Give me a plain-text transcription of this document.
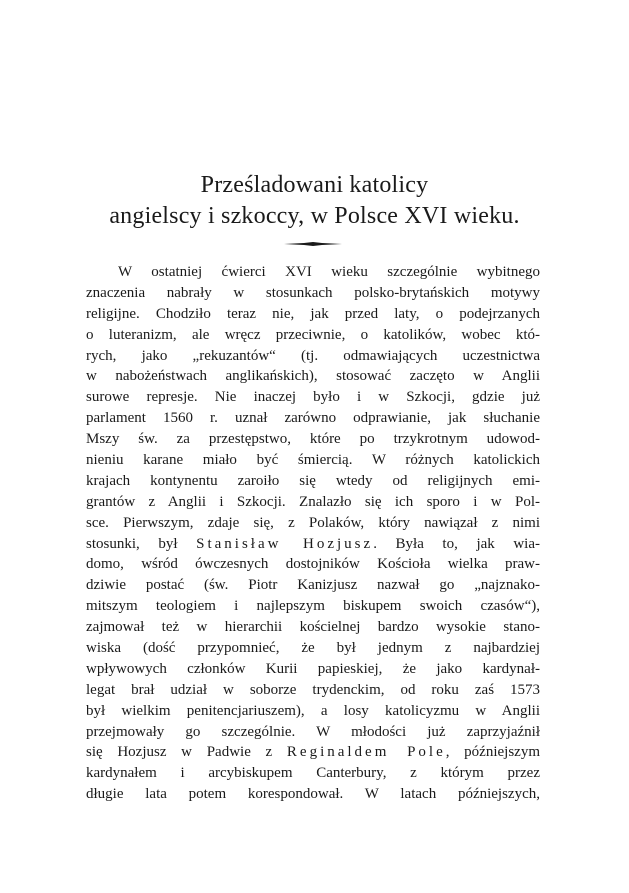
Prześladowani katolicy
angielscy i szkoccy, w Polsce XVI wieku.
W ostatniej ćwierci XVI wieku szczególnie wybitnego
znaczenia nabrały w stosunkach polsko-brytańskich motywy
religijne. Chodziło teraz nie, jak przed laty, o podejrzanych
o luteranizm, ale wręcz przeciwnie, o katolików, wobec któ-
rych, jako „rekuzantów“ (tj. odmawiających uczestnictwa
w nabożeństwach anglikańskich), stosować zaczęto w Anglii
surowe represje. Nie inaczej było i w Szkocji, gdzie już
parlament 1560 r. uznał zarówno odprawianie, jak słuchanie
Mszy św. za przestępstwo, które po trzykrotnym udowod-
nieniu karane miało być śmiercią. W różnych katolickich
krajach kontynentu zaroiło się wtedy od religijnych emi-
grantów z Anglii i Szkocji. Znalazło się ich sporo i w Pol-
sce. Pierwszym, zdaje się, z Polaków, który nawiązał z nimi
stosunki, był Stanisław Hozjusz. Była to, jak wia-
domo, wśród ówczesnych dostojników Kościoła wielka praw-
dziwie postać (św. Piotr Kanizjusz nazwał go „najznako-
mitszym teologiem i najlepszym biskupem swoich czasów“),
zajmował też w hierarchii kościelnej bardzo wysokie stano-
wiska (dość przypomnieć, że był jednym z najbardziej
wpływowych członków Kurii papieskiej, że jako kardynał-
legat brał udział w soborze trydenckim, od roku zaś 1573
był wielkim penitencjariuszem), a losy katolicyzmu w Anglii
przejmowały go szczególnie. W młodości już zaprzyjaźnił
się Hozjusz w Padwie z Reginaldem Pole, późniejszym
kardynałem i arcybiskupem Canterbury, z którym przez
długie lata potem korespondował. W latach późniejszych,
